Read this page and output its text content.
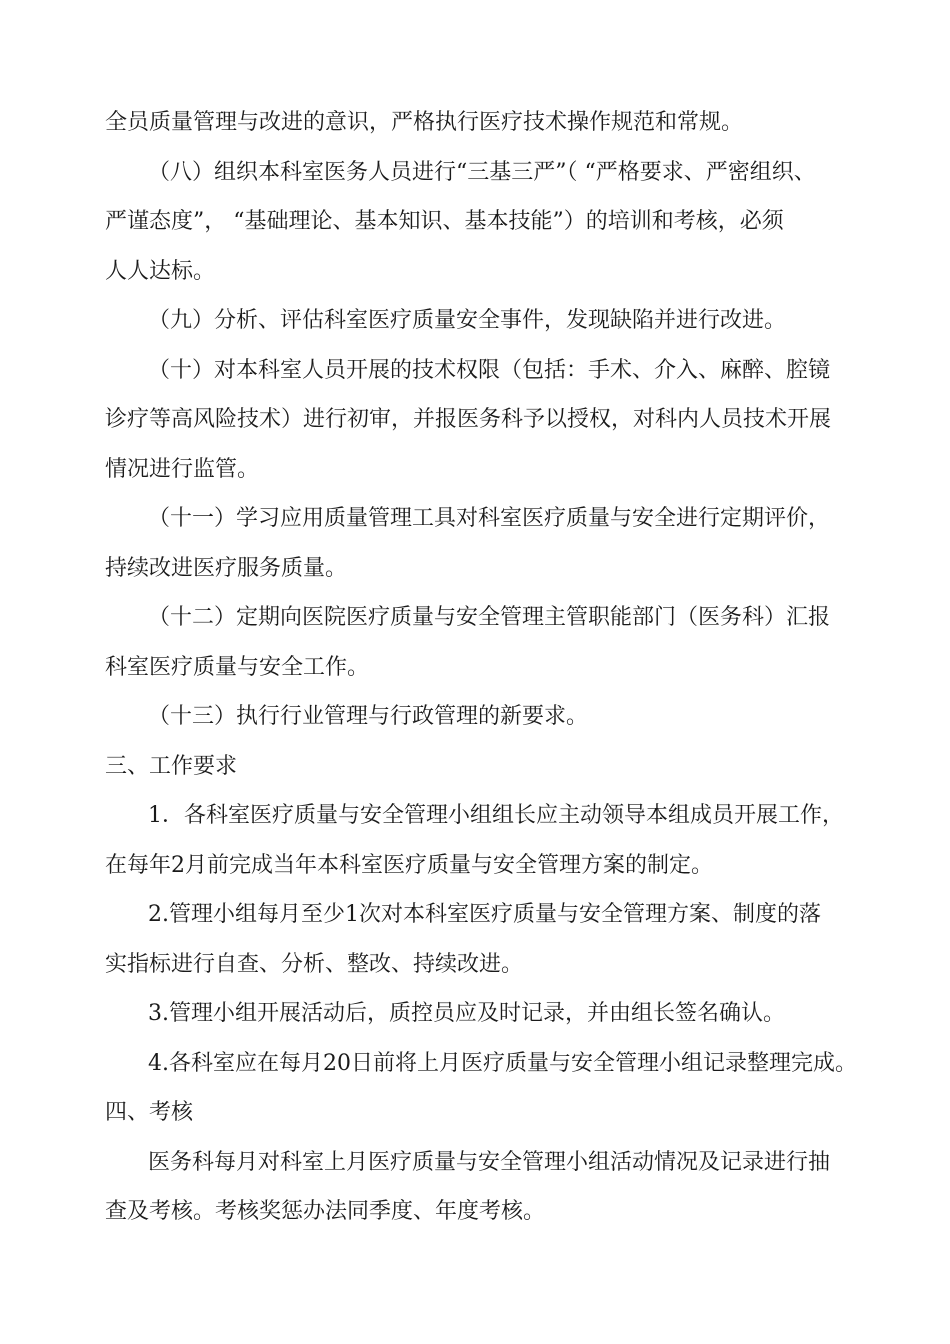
全员质量管理与改进的意识，严格执行医疗技术操作规范和常规。
（八）组织本科室医务人员进行“三基三严”（ “严格要求、严密组织、
严谨态度”， “基础理论、基本知识、基本技能”）的培训和考核，必须
人人达标。
（九）分析、评估科室医疗质量安全事件，发现缺陷并进行改进。
（十）对本科室人员开展的技术权限（包括：手术、介入、麻醉、腔镜
诊疗等高风险技术）进行初审，并报医务科予以授权，对科内人员技术开展
情况进行监管。
（十一）学习应用质量管理工具对科室医疗质量与安全进行定期评价，
持续改进医疗服务质量。
（十二）定期向医院医疗质量与安全管理主管职能部门（医务科）汇报
科室医疗质量与安全工作。
（十三）执行行业管理与行政管理的新要求。
三、工作要求
1．各科室医疗质量与安全管理小组组长应主动领导本组成员开展工作，
在每年2月前完成当年本科室医疗质量与安全管理方案的制定。
2.管理小组每月至少1次对本科室医疗质量与安全管理方案、制度的落
实指标进行自查、分析、整改、持续改进。
3.管理小组开展活动后，质控员应及时记录，并由组长签名确认。
4.各科室应在每月20日前将上月医疗质量与安全管理小组记录整理完成。
四、考核
医务科每月对科室上月医疗质量与安全管理小组活动情况及记录进行抽
查及考核。考核奖惩办法同季度、年度考核。
